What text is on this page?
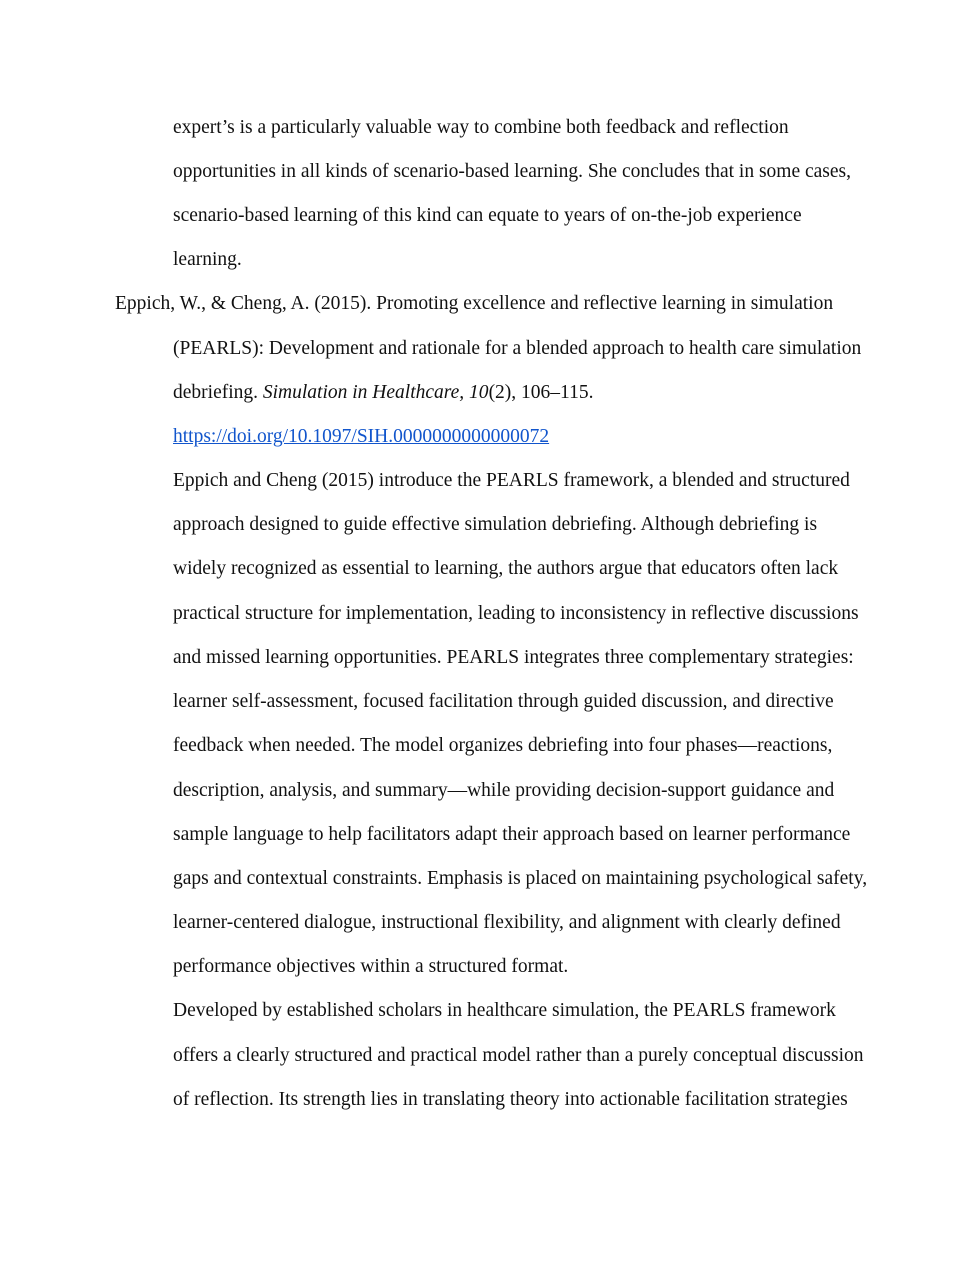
expert’s is a particularly valuable way to combine both feedback and reflection
opportunities in all kinds of scenario-based learning. She concludes that in some cases,
scenario-based learning of this kind can equate to years of on-the-job experience
learning.
Eppich, W., & Cheng, A. (2015). Promoting excellence and reflective learning in simulation
(PEARLS): Development and rationale for a blended approach to health care simulation
debriefing. Simulation in Healthcare, 10(2), 106–115.
https://doi.org/10.1097/SIH.0000000000000072
Eppich and Cheng (2015) introduce the PEARLS framework, a blended and structured
approach designed to guide effective simulation debriefing. Although debriefing is
widely recognized as essential to learning, the authors argue that educators often lack
practical structure for implementation, leading to inconsistency in reflective discussions
and missed learning opportunities. PEARLS integrates three complementary strategies:
learner self-assessment, focused facilitation through guided discussion, and directive
feedback when needed. The model organizes debriefing into four phases—reactions,
description, analysis, and summary—while providing decision-support guidance and
sample language to help facilitators adapt their approach based on learner performance
gaps and contextual constraints. Emphasis is placed on maintaining psychological safety,
learner-centered dialogue, instructional flexibility, and alignment with clearly defined
performance objectives within a structured format.
Developed by established scholars in healthcare simulation, the PEARLS framework
offers a clearly structured and practical model rather than a purely conceptual discussion
of reflection. Its strength lies in translating theory into actionable facilitation strategies
